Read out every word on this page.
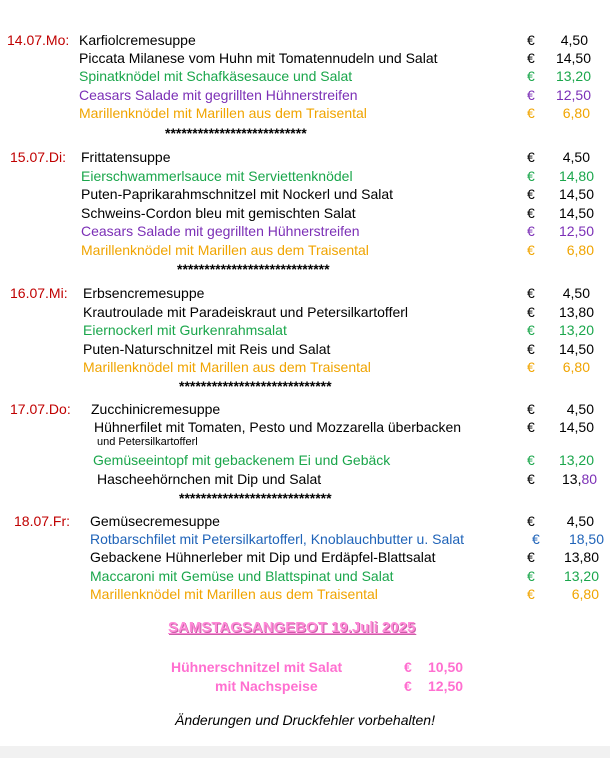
14.07.Mo: Karfiolcremesuppe	€	4,50
Piccata Milanese vom Huhn mit Tomatennudeln und Salat	€	14,50
Spinatknödel mit Schafkäsesauce und Salat	€	13,20
Ceasars Salade mit gegrillten Hühnerstreifen	€	12,50
Marillenknödel mit Marillen aus dem Traisental	€	6,80
**************************
15.07.Di: Frittatensuppe	€	4,50
Eierschwammerlsauce mit Serviettenknödel	€	14,80
Puten-Paprikarahmschnitzel mit Nockerl und Salat	€	14,50
Schweins-Cordon bleu mit gemischten Salat	€	14,50
Ceasars Salade mit gegrillten Hühnerstreifen	€	12,50
Marillenknödel mit Marillen aus dem Traisental	€	6,80
****************************
16.07.Mi: Erbsencremesuppe	€	4,50
Krautroulade mit Paradeiskraut und Petersilkartofferl	€	13,80
Eiernockerl mit Gurkenrahmsalat	€	13,20
Puten-Naturschnitzel mit Reis und Salat	€	14,50
Marillenknödel mit Marillen aus dem Traisental	€	6,80
****************************
17.07.Do: Zucchinicremesuppe	€	4,50
Hühnerfilet mit Tomaten, Pesto und Mozzarella überbacken	€	14,50
und Petersilkartofferl
Gemüseeintopf mit gebackenem Ei und Gebäck	€	13,20
Hascheehörnchen mit Dip und Salat	€ 13,80
****************************
18.07.Fr: Gemüsecremesuppe	€	4,50
Rotbarschfilet mit Petersilkartofferl, Knoblauchbutter u. Salat	€	18,50
Gebackene Hühnerleber mit Dip und Erdäpfel-Blattsalat	€	13,80
Maccaroni mit Gemüse und Blattspinat und Salat	€	13,20
Marillenknödel mit Marillen aus dem Traisental	€	6,80
SAMSTAGSANGEBOT 19.Juli 2025
Hühnerschnitzel mit Salat	€ 10,50
mit Nachspeise	€ 12,50
Änderungen und Druckfehler vorbehalten!
